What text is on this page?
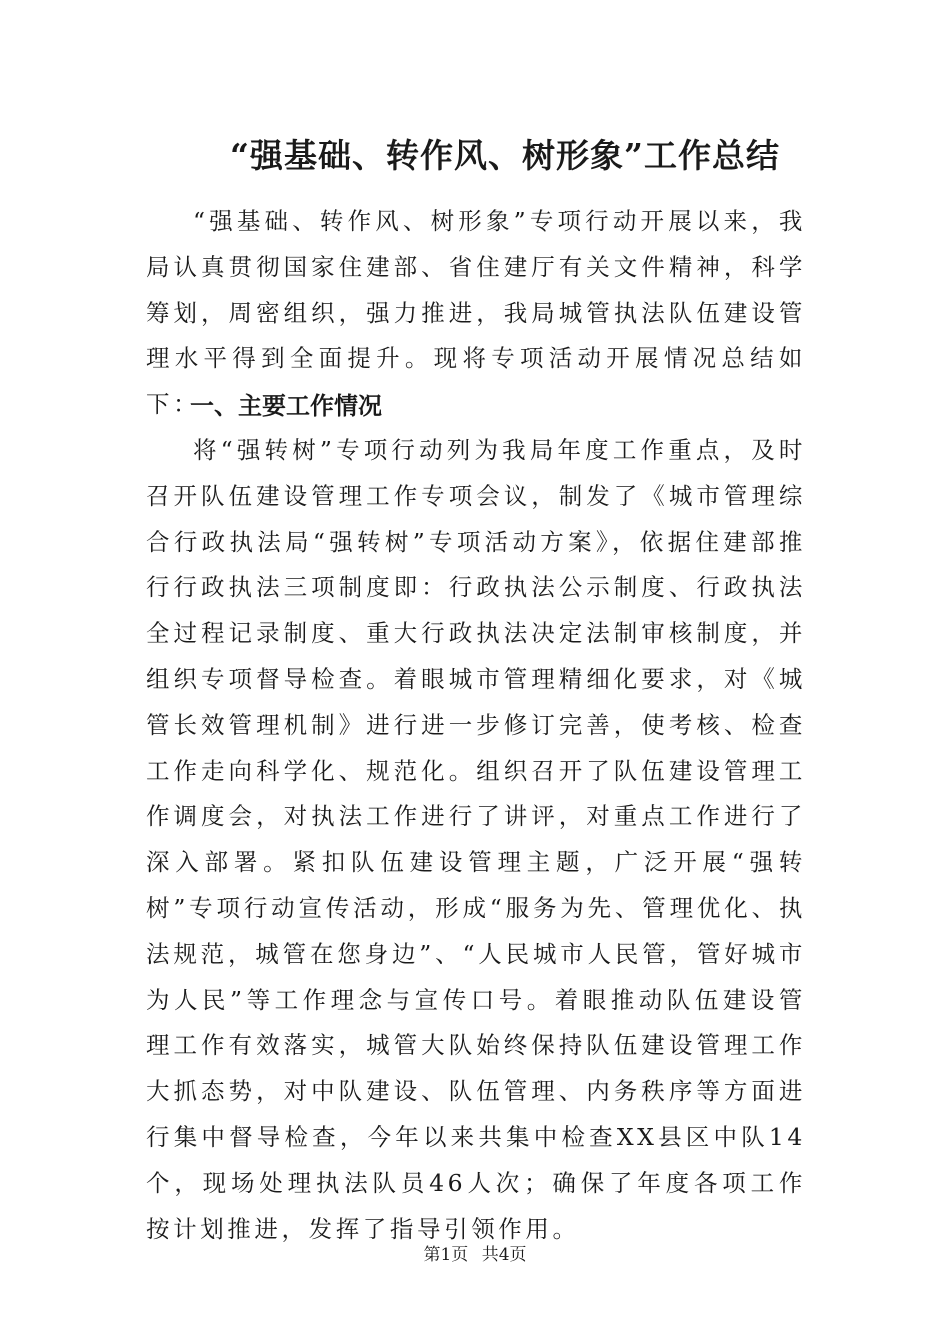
“强基础、转作风、树形象”工作总结

“强基础、转作风、树形象”专项行动开展以来，我局认真贯彻国家住建部、省住建厅有关文件精神，科学筹划，周密组织，强力推进，我局城管执法队伍建设管理水平得到全面提升。现将专项活动开展情况总结如下：

一、主要工作情况

将“强转树”专项行动列为我局年度工作重点，及时召开队伍建设管理工作专项会议，制发了《城市管理综合行政执法局“强转树”专项活动方案》，依据住建部推行行政执法三项制度即：行政执法公示制度、行政执法全过程记录制度、重大行政执法决定法制审核制度，并组织专项督导检查。着眼城市管理精细化要求，对《城管长效管理机制》进行进一步修订完善，使考核、检查工作走向科学化、规范化。组织召开了队伍建设管理工作调度会，对执法工作进行了讲评，对重点工作进行了深入部署。紧扣队伍建设管理主题，广泛开展“强转树”专项行动宣传活动，形成“服务为先、管理优化、执法规范，城管在您身边”、“人民城市人民管，管好城市为人民”等工作理念与宣传口号。着眼推动队伍建设管理工作有效落实，城管大队始终保持队伍建设管理工作大抓态势，对中队建设、队伍管理、内务秩序等方面进行集中督导检查，今年以来共集中检查XX县区中队14个，现场处理执法队员46人次；确保了年度各项工作按计划推进，发挥了指导引领作用。

第1页 共4页
